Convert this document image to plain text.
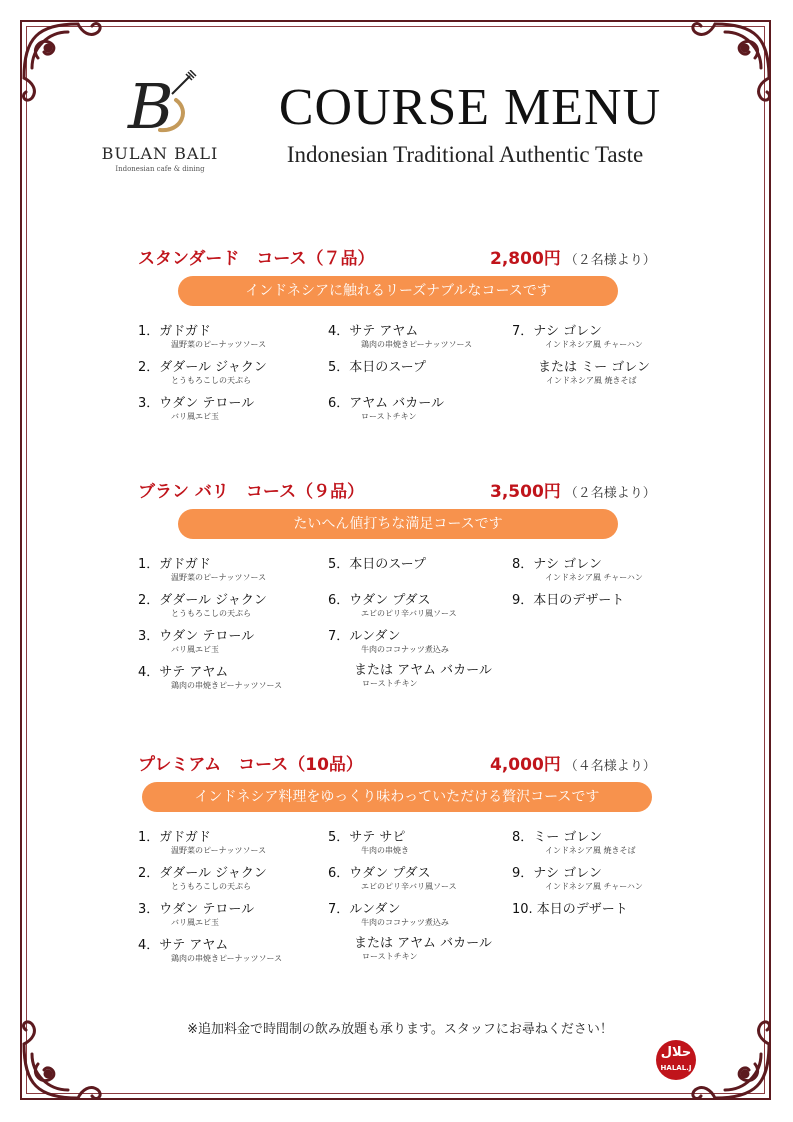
B
BULAN BALI
Indonesian cafe & dining
COURSE MENU
Indonesian Traditional Authentic Taste
スタンダード　コース（７品）	2,800円 （２名様より）
インドネシアに触れるリーズナブルなコースです
1．ガドガド
温野菜のピーナッツソース
2．ダダール ジャクン
とうもろこしの天ぷら
3．ウダン テロール
バリ風エビ玉
4．サテ アヤム
鶏肉の串焼きピーナッツソース
5．本日のスープ
6．アヤム バカール
ローストチキン
7．ナシ ゴレン
インドネシア風 チャーハン
または ミー ゴレン
インドネシア風 焼きそば
ブラン バリ　コース（９品）	3,500円 （２名様より）
たいへん値打ちな満足コースです
1．ガドガド
温野菜のピーナッツソース
2．ダダール ジャクン
とうもろこしの天ぷら
3．ウダン テロール
バリ風エビ玉
4．サテ アヤム
鶏肉の串焼きピーナッツソース
5．本日のスープ
6．ウダン プダス
エビのピリ辛バリ風ソース
7．ルンダン
牛肉のココナッツ煮込み
または アヤム バカール
ローストチキン
8．ナシ ゴレン
インドネシア風 チャーハン
9．本日のデザート
プレミアム　コース（10品）	4,000円 （４名様より）
インドネシア料理をゆっくり味わっていただける贅沢コースです
1．ガドガド
温野菜のピーナッツソース
2．ダダール ジャクン
とうもろこしの天ぷら
3．ウダン テロール
バリ風エビ玉
4．サテ アヤム
鶏肉の串焼きピーナッツソース
5．サテ サピ
牛肉の串焼き
6．ウダン プダス
エビのピリ辛バリ風ソース
7．ルンダン
牛肉のココナッツ煮込み
または アヤム バカール
ローストチキン
8．ミー ゴレン
インドネシア風 焼きそば
9．ナシ ゴレン
インドネシア風 チャーハン
10. 本日のデザート
※追加料金で時間制の飲み放題も承ります。スタッフにお尋ねください！
حلال
HALAL.J
